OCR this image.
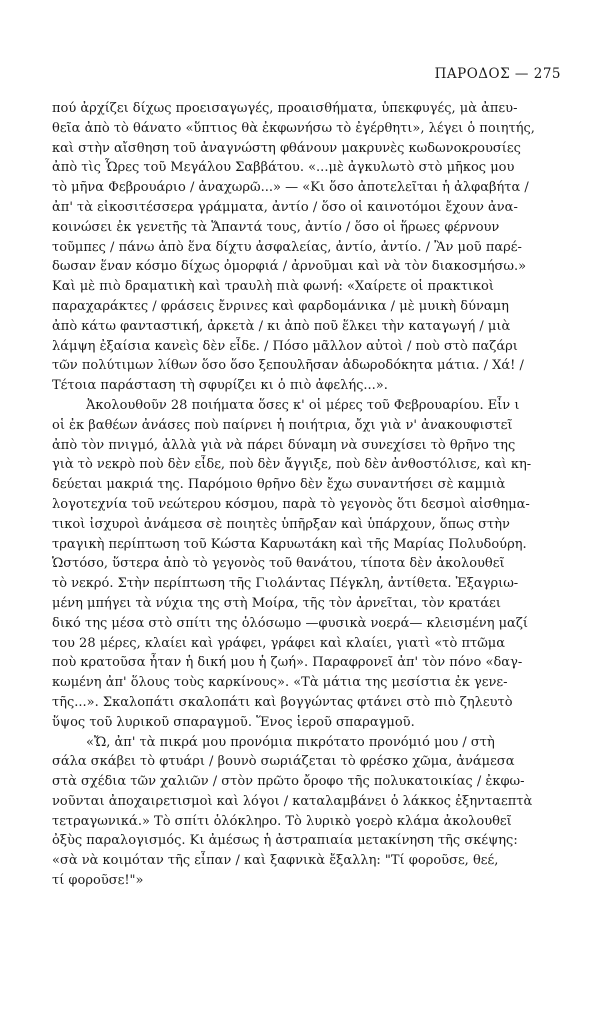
ΠΑΡΟΔΟΣ — 275
πού ἀρχίζει δίχως προεισαγωγές, προαισθήματα, ὑπεκφυγές, μὰ ἀπευ-
θεῖα ἀπὸ τὸ θάνατο «ὕπτιος θὰ ἐκφωνήσω τὸ ἐγέρθητι», λέγει ὁ ποιητής,
καὶ στὴν αἴσθηση τοῦ ἀναγνώστη φθάνουν μακρυνὲς κωδωνοκρουσίες
ἀπὸ τὶς Ὧρες τοῦ Μεγάλου Σαββάτου. «...μὲ ἀγκυλωτὸ στὸ μῆκος μου
τὸ μῆνα Φεβρουάριο / ἀναχωρῶ...» — «Κι ὅσο ἀποτελεῖται ἡ ἀλφαβήτα /
ἀπ' τὰ εἰκοσιτέσσερα γράμματα, ἀντίο / ὅσο οἱ καινοτόμοι ἔχουν ἀνα-
κοινώσει ἐκ γενετῆς τὰ Ἅπαντά τους, ἀντίο / ὅσο οἱ ἥρωες φέρνουν
τοῦμπες / πάνω ἀπὸ ἕνα δίχτυ ἀσφαλείας, ἀντίο, ἀντίο. / Ἂν μοῦ παρέ-
δωσαν ἕναν κόσμο δίχως ὀμορφιά / ἀρνοῦμαι καὶ νὰ τὸν διακοσμήσω.»
Καὶ μὲ πιὸ δραματικὴ καὶ τραυλὴ πιὰ φωνή: «Χαίρετε οἱ πρακτικοὶ
παραχαράκτες / φράσεις ἔνρινες καὶ φαρδομάνικα / μὲ μυικὴ δύναμη
ἀπὸ κάτω φανταστική, ἀρκετὰ / κι ἀπὸ ποῦ ἕλκει τὴν καταγωγή / μιὰ
λάμψη ἐξαίσια κανεὶς δὲν εἶδε. / Πόσο μᾶλλον αὐτοὶ / ποὺ στὸ παζάρι
τῶν πολύτιμων λίθων ὅσο ὅσο ξεπουλῆσαν ἀδωροδόκητα μάτια. / Χά! /
Τέτοια παράσταση τὴ σφυρίζει κι ὁ πιὸ ἀφελής...».
Ἀκολουθοῦν 28 ποιήματα ὅσες κ' οἱ μέρες τοῦ Φεβρουαρίου. Εἶν ι
οἱ ἐκ βαθέων ἀνάσες ποὺ παίρνει ἡ ποιήτρια, ὄχι γιὰ ν' ἀνακουφιστεῖ
ἀπὸ τὸν πνιγμό, ἀλλὰ γιὰ νὰ πάρει δύναμη νὰ συνεχίσει τὸ θρῆνο της
γιὰ τὸ νεκρὸ ποὺ δὲν εἶδε, ποὺ δὲν ἄγγιξε, ποὺ δὲν ἀνθοστόλισε, καὶ κη-
δεύεται μακριά της. Παρόμοιο θρῆνο δὲν ἔχω συναντήσει σὲ καμμιὰ
λογοτεχνία τοῦ νεώτερου κόσμου, παρὰ τὸ γεγονὸς ὅτι δεσμοὶ αἰσθημα-
τικοὶ ἰσχυροὶ ἀνάμεσα σὲ ποιητὲς ὑπῆρξαν καὶ ὑπάρχουν, ὅπως στὴν
τραγικὴ περίπτωση τοῦ Κώστα Καρυωτάκη καὶ τῆς Μαρίας Πολυδούρη.
Ὡστόσο, ὕστερα ἀπὸ τὸ γεγονὸς τοῦ θανάτου, τίποτα δὲν ἀκολουθεῖ
τὸ νεκρό. Στὴν περίπτωση τῆς Γιολάντας Πέγκλη, ἀντίθετα. Ἐξαγριω-
μένη μπήγει τὰ νύχια της στὴ Μοίρα, τῆς τὸν ἀρνεῖται, τὸν κρατάει
δικό της μέσα στὸ σπίτι της ὁλόσωμο —φυσικὰ νοερά— κλεισμένη μαζί
του 28 μέρες, κλαίει καὶ γράφει, γράφει καὶ κλαίει, γιατὶ «τὸ πτῶμα
ποὺ κρατοῦσα ἦταν ἡ δική μου ἡ ζωή». Παραφρονεῖ ἀπ' τὸν πόνο «δαγ-
κωμένη ἀπ' ὅλους τοὺς καρκίνους». «Τὰ μάτια της μεσίστια ἐκ γενε-
τῆς...». Σκαλοπάτι σκαλοπάτι καὶ βογγώντας φτάνει στὸ πιὸ ζηλευτὸ
ὕψος τοῦ λυρικοῦ σπαραγμοῦ. Ἕνος ἱεροῦ σπαραγμοῦ.
«Ὤ, ἀπ' τὰ πικρά μου προνόμια πικρότατο προνόμιό μου / στὴ
σάλα σκάβει τὸ φτυάρι / βουνὸ σωριάζεται τὸ φρέσκο χῶμα, ἀνάμεσα
στὰ σχέδια τῶν χαλιῶν / στὸν πρῶτο ὄροφο τῆς πολυκατοικίας / ἐκφω-
νοῦνται ἀποχαιρετισμοὶ καὶ λόγοι / καταλαμβάνει ὁ λάκκος ἐξηνταεπτὰ
τετραγωνικά.» Τὸ σπίτι ὁλόκληρο. Τὸ λυρικὸ γοερὸ κλάμα ἀκολουθεῖ
ὀξὺς παραλογισμός. Κι ἀμέσως ἡ ἀστραπιαία μετακίνηση τῆς σκέψης:
«σὰ νὰ κοιμόταν τῆς εἶπαν / καὶ ξαφνικὰ ἔξαλλη: "Τί φοροῦσε, θεέ,
τί φοροῦσε!"»
